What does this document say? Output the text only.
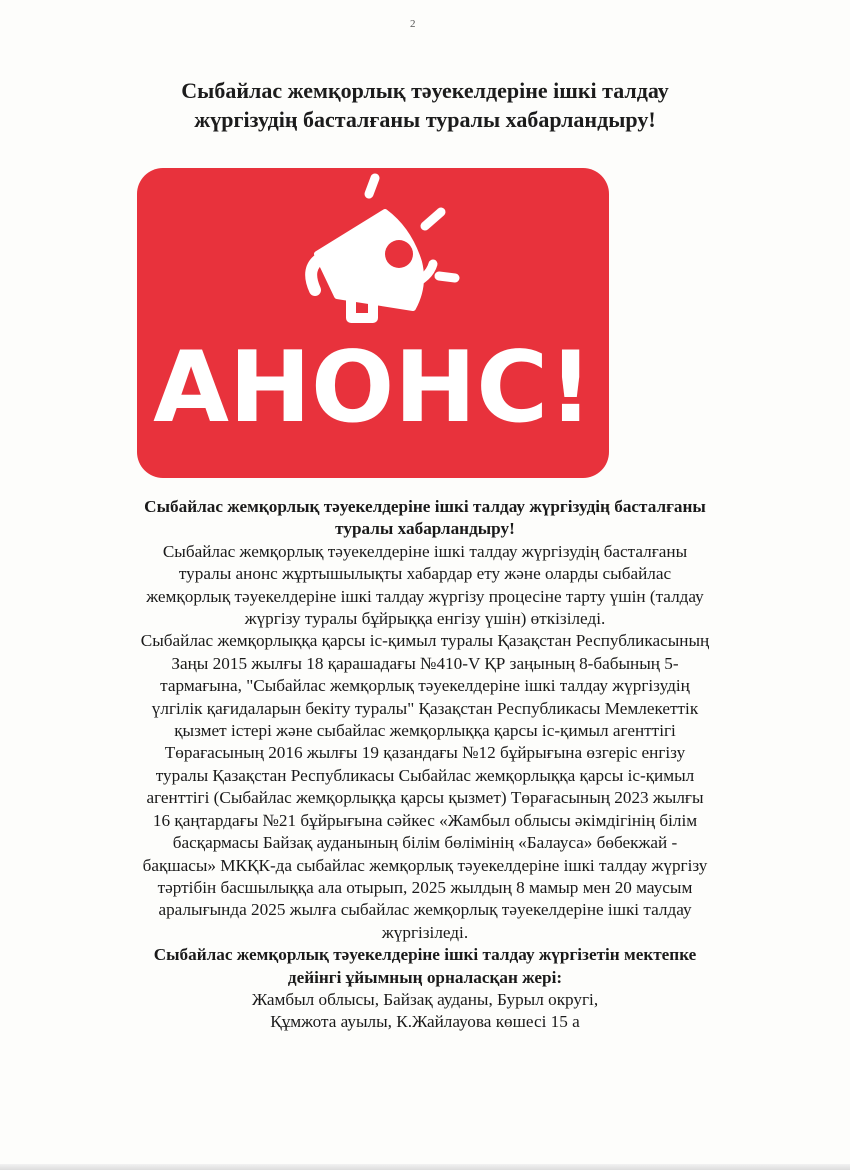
2
Сыбайлас жемқорлық тәуекелдеріне ішкі талдау
жүргізудің басталғаны туралы хабарландыру!
АНОНС!

Сыбайлас жемқорлық тәуекелдеріне ішкі талдау жүргізудің басталғаны
туралы хабарландыру!

Сыбайлас жемқорлық тәуекелдеріне ішкі талдау жүргізудің басталғаны
туралы анонс жұртышылықты хабардар ету және оларды сыбайлас
жемқорлық тәуекелдеріне ішкі талдау жүргізу процесіне тарту үшін (талдау
жүргізу туралы бұйрыққа енгізу үшін) өткізіледі.

Сыбайлас жемқорлыққа қарсы іс-қимыл туралы Қазақстан Республикасының
Заңы 2015 жылғы 18 қарашадағы №410-V ҚР заңының 8-бабының 5-
тармағына, "Сыбайлас жемқорлық тәуекелдеріне ішкі талдау жүргізудің
үлгілік қағидаларын бекіту туралы" Қазақстан Республикасы Мемлекеттік
қызмет істері және сыбайлас жемқорлыққа қарсы іс-қимыл агенттігі
Төрағасының 2016 жылғы 19 қазандағы №12 бұйрығына өзгеріс енгізу
туралы Қазақстан Республикасы Сыбайлас жемқорлыққа қарсы іс-қимыл
агенттігі (Сыбайлас жемқорлыққа қарсы қызмет) Төрағасының 2023 жылғы
16 қаңтардағы №21 бұйрығына сәйкес «Жамбыл облысы әкімдігінің білім
басқармасы Байзақ ауданының білім бөлімінің «Балауса» бөбекжай -
бақшасы» МКҚК-да сыбайлас жемқорлық тәуекелдеріне ішкі талдау жүргізу
тәртібін басшылыққа ала отырып, 2025 жылдың 8 мамыр мен 20 маусым
аралығында 2025 жылға сыбайлас жемқорлық тәуекелдеріне ішкі талдау
жүргізіледі.

Сыбайлас жемқорлық тәуекелдеріне ішкі талдау жүргізетін мектепке
дейінгі ұйымның орналасқан жері:

Жамбыл облысы, Байзақ ауданы, Бурыл округі,
Құмжота ауылы, К.Жайлауова көшесі 15 а
